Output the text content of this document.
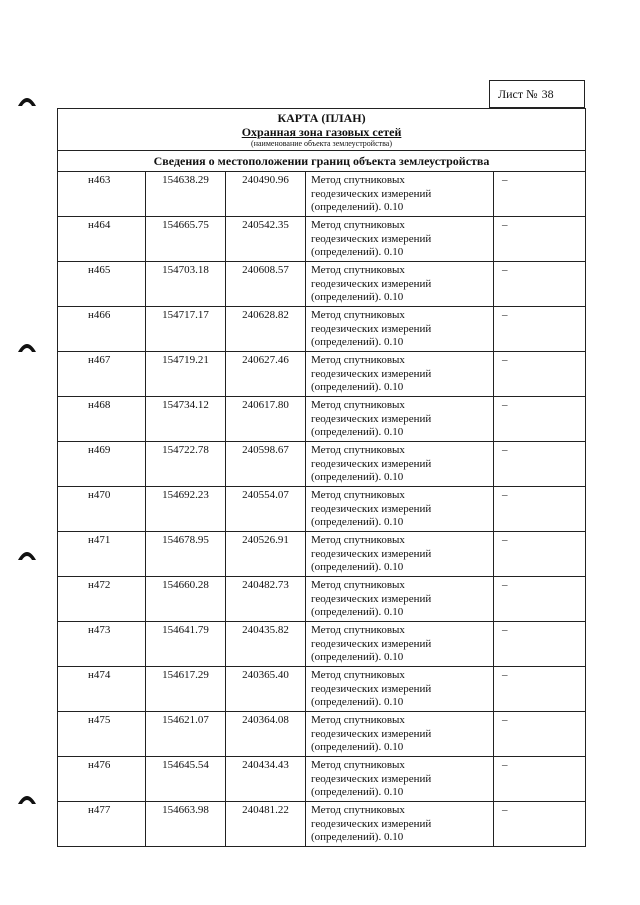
Лист № 38
КАРТА (ПЛАН)
Охранная зона газовых сетей
(наименование объекта землеустройства)				

Сведения о местоположении границ объекта землеустройства				
н463	154638.29	240490.96	Метод спутниковых
геодезических измерений
(определений). 0.10	–
н464	154665.75	240542.35	Метод спутниковых
геодезических измерений
(определений). 0.10	–
н465	154703.18	240608.57	Метод спутниковых
геодезических измерений
(определений). 0.10	–
н466	154717.17	240628.82	Метод спутниковых
геодезических измерений
(определений). 0.10	–
н467	154719.21	240627.46	Метод спутниковых
геодезических измерений
(определений). 0.10	–
н468	154734.12	240617.80	Метод спутниковых
геодезических измерений
(определений). 0.10	–
н469	154722.78	240598.67	Метод спутниковых
геодезических измерений
(определений). 0.10	–
н470	154692.23	240554.07	Метод спутниковых
геодезических измерений
(определений). 0.10	–
н471	154678.95	240526.91	Метод спутниковых
геодезических измерений
(определений). 0.10	–
н472	154660.28	240482.73	Метод спутниковых
геодезических измерений
(определений). 0.10	–
н473	154641.79	240435.82	Метод спутниковых
геодезических измерений
(определений). 0.10	–
н474	154617.29	240365.40	Метод спутниковых
геодезических измерений
(определений). 0.10	–
н475	154621.07	240364.08	Метод спутниковых
геодезических измерений
(определений). 0.10	–
н476	154645.54	240434.43	Метод спутниковых
геодезических измерений
(определений). 0.10	–
н477	154663.98	240481.22	Метод спутниковых
геодезических измерений
(определений). 0.10	–
